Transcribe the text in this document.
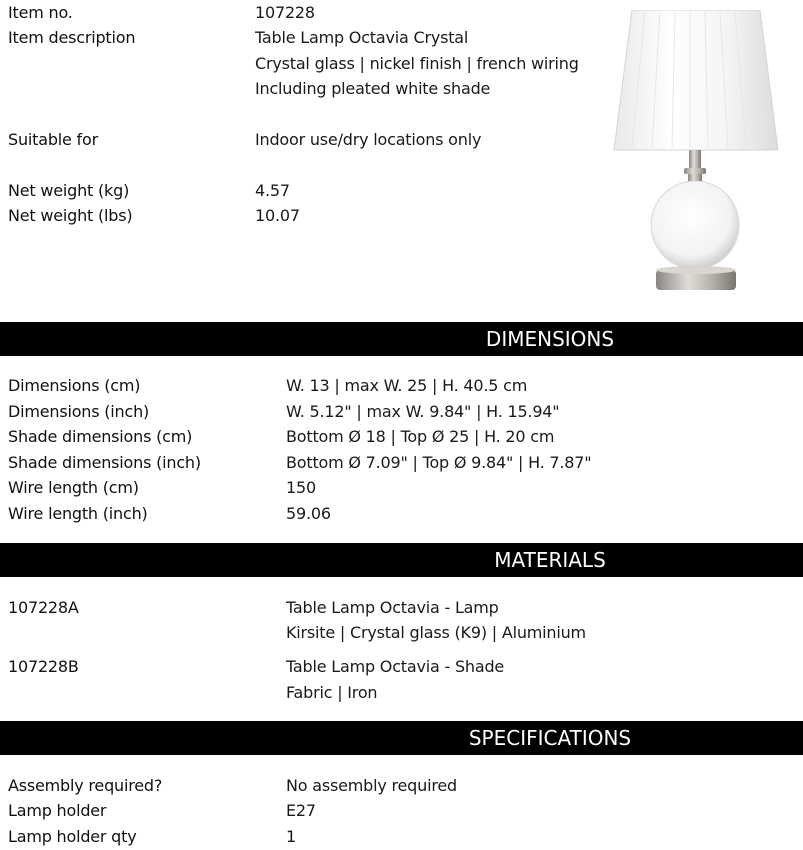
Item no.	107228
Item description	Table Lamp Octavia Crystal
Crystal glass | nickel finish | french wiring
Including pleated white shade
Suitable for	Indoor use/dry locations only
Net weight (kg)	4.57
Net weight (lbs)	10.07
DIMENSIONS
Dimensions (cm)	W. 13 | max W. 25 | H. 40.5 cm
Dimensions (inch)	W. 5.12" | max W. 9.84" | H. 15.94"
Shade dimensions (cm)	Bottom Ø 18 | Top Ø 25 | H. 20 cm
Shade dimensions (inch)	Bottom Ø 7.09" | Top Ø 9.84" | H. 7.87"
Wire length (cm)	150
Wire length (inch)	59.06
MATERIALS
107228A	Table Lamp Octavia - Lamp
Kirsite | Crystal glass (K9) | Aluminium
107228B	Table Lamp Octavia - Shade
Fabric | Iron
SPECIFICATIONS
Assembly required?	No assembly required
Lamp holder	E27
Lamp holder qty	1
